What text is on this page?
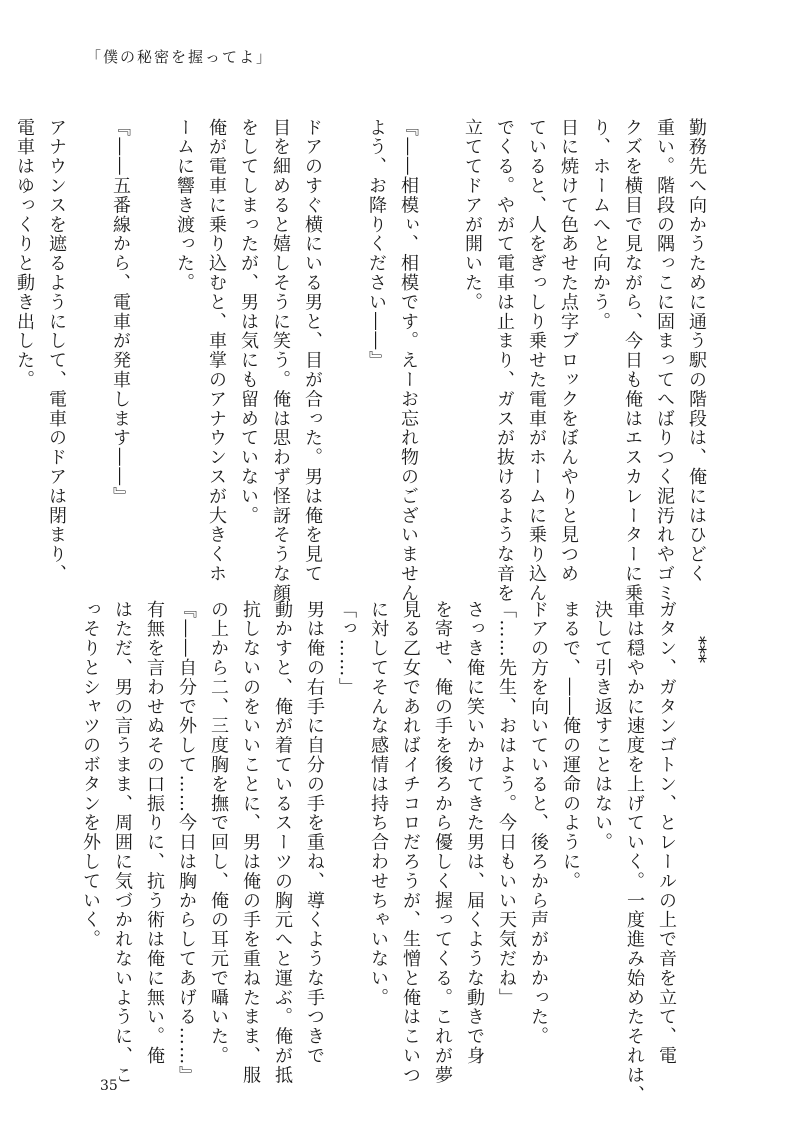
「僕の秘密を握ってよ」
勤務先へ向かうために通う駅の階段は、俺にはひどく
重い。階段の隅っこに固まってへばりつく泥汚れやゴミ
クズを横目で見ながら、今日も俺はエスカレーターに乗
り、ホームへと向かう。
日に焼けて色あせた点字ブロックをぼんやりと見つめ
ていると、人をぎっしり乗せた電車がホームに乗り込ん
でくる。やがて電車は止まり、ガスが抜けるような音を
立ててドアが開いた。
『――相模ぃ、相模です。えーお忘れ物のございません
よう、お降りください――』
ドアのすぐ横にいる男と、目が合った。男は俺を見て
目を細めると嬉しそうに笑う。俺は思わず怪訝そうな顔
をしてしまったが、男は気にも留めていない。
俺が電車に乗り込むと、車掌のアナウンスが大きくホ
ームに響き渡った。
『――五番線から、電車が発車します――』
アナウンスを遮るようにして、電車のドアは閉まり、
電車はゆっくりと動き出した。
***
ガタン、ガタンゴトン、とレールの上で音を立て、電
車は穏やかに速度を上げていく。一度進み始めたそれは、
決して引き返すことはない。
まるで、――俺の運命のように。
ドアの方を向いていると、後ろから声がかかった。
「……先生、おはよう。今日もいい天気だね」
さっき俺に笑いかけてきた男は、届くような動きで身
を寄せ、俺の手を後ろから優しく握ってくる。これが夢
見る乙女であればイチコロだろうが、生憎と俺はこいつ
に対してそんな感情は持ち合わせちゃいない。
「っ……」
男は俺の右手に自分の手を重ね、導くような手つきで
動かすと、俺が着ているスーツの胸元へと運ぶ。俺が抵
抗しないのをいいことに、男は俺の手を重ねたまま、服
の上から二、三度胸を撫で回し、俺の耳元で囁いた。
『――自分で外して……今日は胸からしてあげる……』
有無を言わせぬその口振りに、抗う術は俺に無い。俺
はただ、男の言うまま、周囲に気づかれないように、こ
っそりとシャツのボタンを外していく。
35
